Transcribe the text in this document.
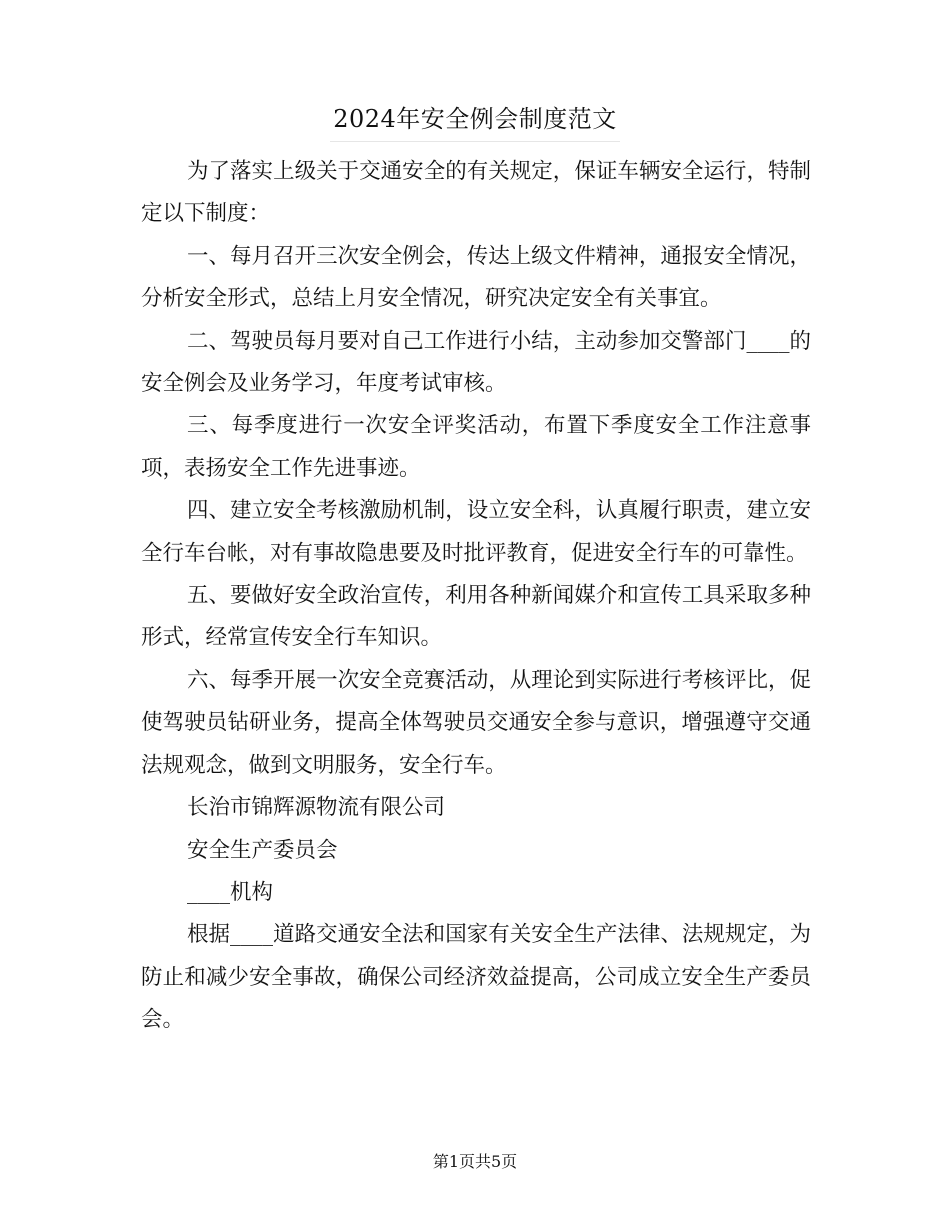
2024年安全例会制度范文

为了落实上级关于交通安全的有关规定，保证车辆安全运行，特制定以下制度：

一、每月召开三次安全例会，传达上级文件精神，通报安全情况，分析安全形式，总结上月安全情况，研究决定安全有关事宜。

二、驾驶员每月要对自己工作进行小结，主动参加交警部门____的安全例会及业务学习，年度考试审核。

三、每季度进行一次安全评奖活动，布置下季度安全工作注意事项，表扬安全工作先进事迹。

四、建立安全考核激励机制，设立安全科，认真履行职责，建立安全行车台帐，对有事故隐患要及时批评教育，促进安全行车的可靠性。

五、要做好安全政治宣传，利用各种新闻媒介和宣传工具采取多种形式，经常宣传安全行车知识。

六、每季开展一次安全竞赛活动，从理论到实际进行考核评比，促使驾驶员钻研业务，提高全体驾驶员交通安全参与意识，增强遵守交通法规观念，做到文明服务，安全行车。

长治市锦辉源物流有限公司

安全生产委员会

____机构

根据____道路交通安全法和国家有关安全生产法律、法规规定，为防止和减少安全事故，确保公司经济效益提高，公司成立安全生产委员会。

第1页共5页
